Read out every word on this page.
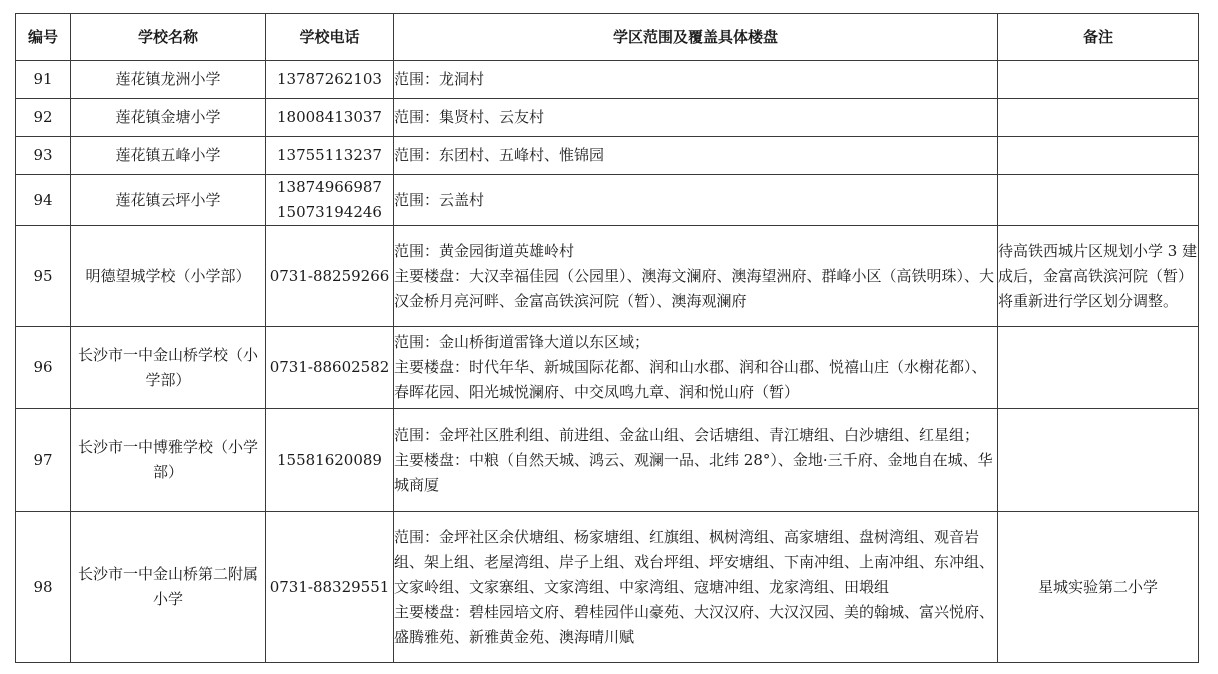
编号	学校名称	学校电话	学区范围及覆盖具体楼盘	备注
91	莲花镇龙洲小学	13787262103	范围：龙洞村	

92	莲花镇金塘小学	18008413037	范围：集贤村、云友村	

93	莲花镇五峰小学	13755113237	范围：东团村、五峰村、惟锦园	

94	莲花镇云坪小学	13874966987
15073194246	范围：云盖村	

95	明德望城学校（小学部）	0731-88259266	范围：黄金园街道英雄岭村
主要楼盘：大汉幸福佳园（公园里）、澳海文澜府、澳海望洲府、群峰小区（高铁明珠）、大汉金桥月亮河畔、金富高铁滨河院（暂）、澳海观澜府	待高铁西城片区规划小学 3 建成后，金富高铁滨河院（暂）将重新进行学区划分调整。
96	长沙市一中金山桥学校（小学部）	0731-88602582	范围：金山桥街道雷锋大道以东区域；
主要楼盘：时代年华、新城国际花都、润和山水郡、润和谷山郡、悦禧山庄（水榭花都）、春晖花园、阳光城悦澜府、中交凤鸣九章、润和悦山府（暂）	

97	长沙市一中博雅学校（小学部）	15581620089	范围：金坪社区胜利组、前进组、金盆山组、会话塘组、青江塘组、白沙塘组、红星组；
主要楼盘：中粮（自然天城、鸿云、观澜一品、北纬 28°）、金地·三千府、金地自在城、华城商厦	

98	长沙市一中金山桥第二附属小学	0731-88329551	范围：金坪社区余伏塘组、杨家塘组、红旗组、枫树湾组、高家塘组、盘树湾组、观音岩组、架上组、老屋湾组、岸子上组、戏台坪组、坪安塘组、下南冲组、上南冲组、东冲组、文家岭组、文家寨组、文家湾组、中家湾组、寇塘冲组、龙家湾组、田塅组
主要楼盘：碧桂园培文府、碧桂园伴山豪苑、大汉汉府、大汉汉园、美的翰城、富兴悦府、盛腾雅苑、新雅黄金苑、澳海晴川赋	星城实验第二小学
